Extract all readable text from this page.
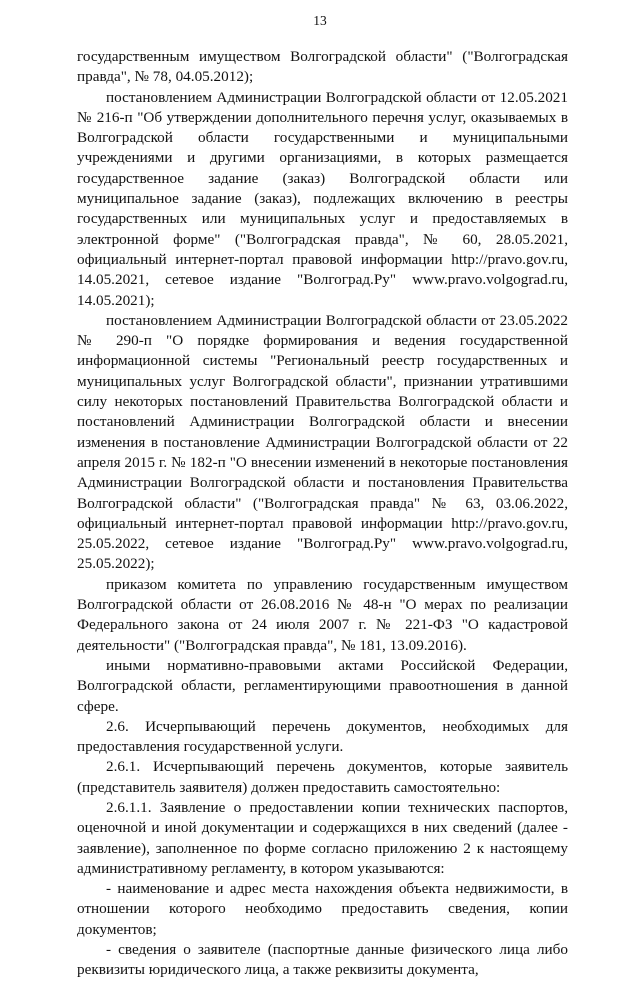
13

государственным имуществом Волгоградской области" ("Волгоградская правда", № 78, 04.05.2012);

постановлением Администрации Волгоградской области от 12.05.2021 № 216-п "Об утверждении дополнительного перечня услуг, оказываемых в Волгоградской области государственными и муниципальными учреждениями и другими организациями, в которых размещается государственное задание (заказ) Волгоградской области или муниципальное задание (заказ), подлежащих включению в реестры государственных или муниципальных услуг и предоставляемых в электронной форме" ("Волгоградская правда", № 60, 28.05.2021, официальный интернет-портал правовой информации http://pravo.gov.ru, 14.05.2021, сетевое издание "Волгоград.Ру" www.pravo.volgograd.ru, 14.05.2021);

постановлением Администрации Волгоградской области от 23.05.2022 № 290-п "О порядке формирования и ведения государственной информационной системы "Региональный реестр государственных и муниципальных услуг Волгоградской области", признании утратившими силу некоторых постановлений Правительства Волгоградской области и постановлений Администрации Волгоградской области и внесении изменения в постановление Администрации Волгоградской области от 22 апреля 2015 г. № 182-п "О внесении изменений в некоторые постановления Администрации Волгоградской области и постановления Правительства Волгоградской области" ("Волгоградская правда" № 63, 03.06.2022, официальный интернет-портал правовой информации http://pravo.gov.ru, 25.05.2022, сетевое издание "Волгоград.Ру" www.pravo.volgograd.ru, 25.05.2022);

приказом комитета по управлению государственным имуществом Волгоградской области от 26.08.2016 № 48-н "О мерах по реализации Федерального закона от 24 июля 2007 г. № 221-ФЗ "О кадастровой деятельности" ("Волгоградская правда", № 181, 13.09.2016).

иными нормативно-правовыми актами Российской Федерации, Волгоградской области, регламентирующими правоотношения в данной сфере.

2.6. Исчерпывающий перечень документов, необходимых для предоставления государственной услуги.

2.6.1. Исчерпывающий перечень документов, которые заявитель (представитель заявителя) должен предоставить самостоятельно:

2.6.1.1. Заявление о предоставлении копии технических паспортов, оценочной и иной документации и содержащихся в них сведений (далее - заявление), заполненное по форме согласно приложению 2 к настоящему административному регламенту, в котором указываются:

- наименование и адрес места нахождения объекта недвижимости, в отношении которого необходимо предоставить сведения, копии документов;

- сведения о заявителе (паспортные данные физического лица либо реквизиты юридического лица, а также реквизиты документа,
